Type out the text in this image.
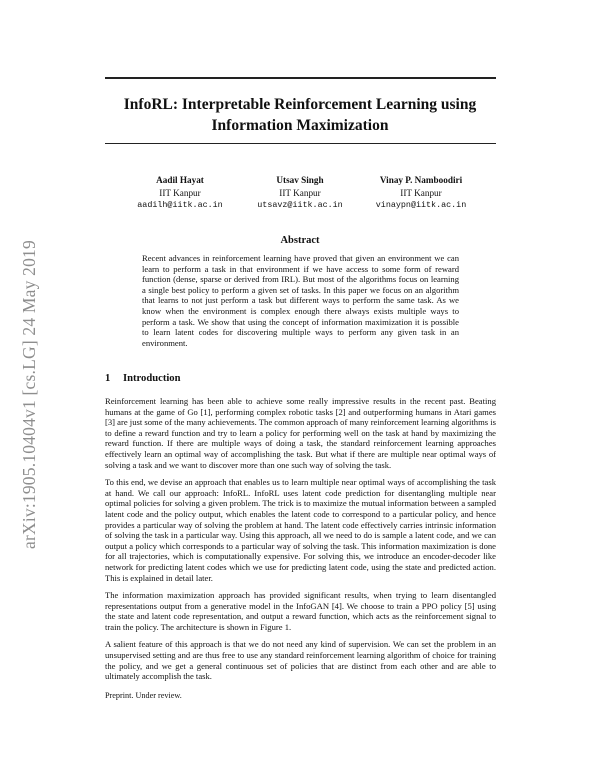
arXiv:1905.10404v1 [cs.LG] 24 May 2019
InfoRL: Interpretable Reinforcement Learning using Information Maximization
Aadil Hayat
IIT Kanpur
aadilh@iitk.ac.in
Utsav Singh
IIT Kanpur
utsavz@iitk.ac.in
Vinay P. Namboodiri
IIT Kanpur
vinaypn@iitk.ac.in
Abstract

Recent advances in reinforcement learning have proved that given an environment we can learn to perform a task in that environment if we have access to some form of reward function (dense, sparse or derived from IRL). But most of the algorithms focus on learning a single best policy to perform a given set of tasks. In this paper we focus on an algorithm that learns to not just perform a task but different ways to perform the same task. As we know when the environment is complex enough there always exists multiple ways to perform a task. We show that using the concept of information maximization it is possible to learn latent codes for discovering multiple ways to perform any given task in an environment.

1 Introduction

Reinforcement learning has been able to achieve some really impressive results in the recent past. Beating humans at the game of Go [1], performing complex robotic tasks [2] and outperforming humans in Atari games [3] are just some of the many achievements. The common approach of many reinforcement learning algorithms is to define a reward function and try to learn a policy for performing well on the task at hand by maximizing the reward function. If there are multiple ways of doing a task, the standard reinforcement learning approaches effectively learn an optimal way of accomplishing the task. But what if there are multiple near optimal ways of solving a task and we want to discover more than one such way of solving the task.

To this end, we devise an approach that enables us to learn multiple near optimal ways of accomplishing the task at hand. We call our approach: InfoRL. InfoRL uses latent code prediction for disentangling multiple near optimal policies for solving a given problem. The trick is to maximize the mutual information between a sampled latent code and the policy output, which enables the latent code to correspond to a particular policy, and hence provides a particular way of solving the problem at hand. The latent code effectively carries intrinsic information of solving the task in a particular way. Using this approach, all we need to do is sample a latent code, and we can output a policy which corresponds to a particular way of solving the task. This information maximization is done for all trajectories, which is computationally expensive. For solving this, we introduce an encoder-decoder like network for predicting latent codes which we use for predicting latent code, using the state and predicted action. This is explained in detail later.

The information maximization approach has provided significant results, when trying to learn disentangled representations output from a generative model in the InfoGAN [4]. We choose to train a PPO policy [5] using the state and latent code representation, and output a reward function, which acts as the reinforcement signal to train the policy. The architecture is shown in Figure 1.

A salient feature of this approach is that we do not need any kind of supervision. We can set the problem in an unsupervised setting and are thus free to use any standard reinforcement learning algorithm of choice for training the policy, and we get a general continuous set of policies that are distinct from each other and are able to ultimately accomplish the task.

Preprint. Under review.
